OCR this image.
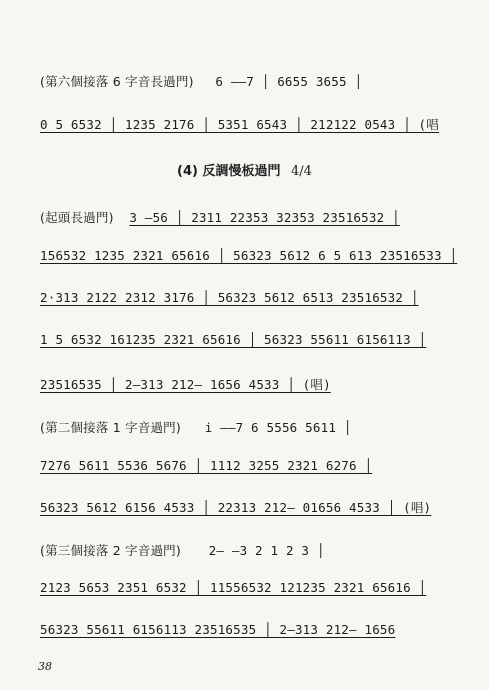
(第六個接落 6 字音長過門) 6 ——7 │ 6655 3655 │
0 5 6532 │ 1235 2176 │ 5351 6543 │ 212122 0543 │ (唱
(4) 反調慢板過門 4/4
(起頭長過門) 3 —56 │ 2311 22353 32353 23516532 │
156532 1235 2321 65616 │ 56323 5612 6 5 613 23516533 │
2·313 2122 2312 3176 │ 56323 5612 6513 23516532 │
1 5 6532 161235 2321 65616 │ 56323 55611 6156113 │
23516535 │ 2—313 212— 1656 4533 │ (唱)
(第二個接落 1 字音過門) i ——7 6 5556 5611 │
7276 5611 5536 5676 │ 1112 3255 2321 6276 │
56323 5612 6156 4533 │ 22313 212— 01656 4533 │ (唱)
(第三個接落 2 字音過門) 2— —3 2 1 2 3 │
2123 5653 2351 6532 │ 11556532 121235 2321 65616 │
56323 55611 6156113 23516535 │ 2—313 212— 1656
38
